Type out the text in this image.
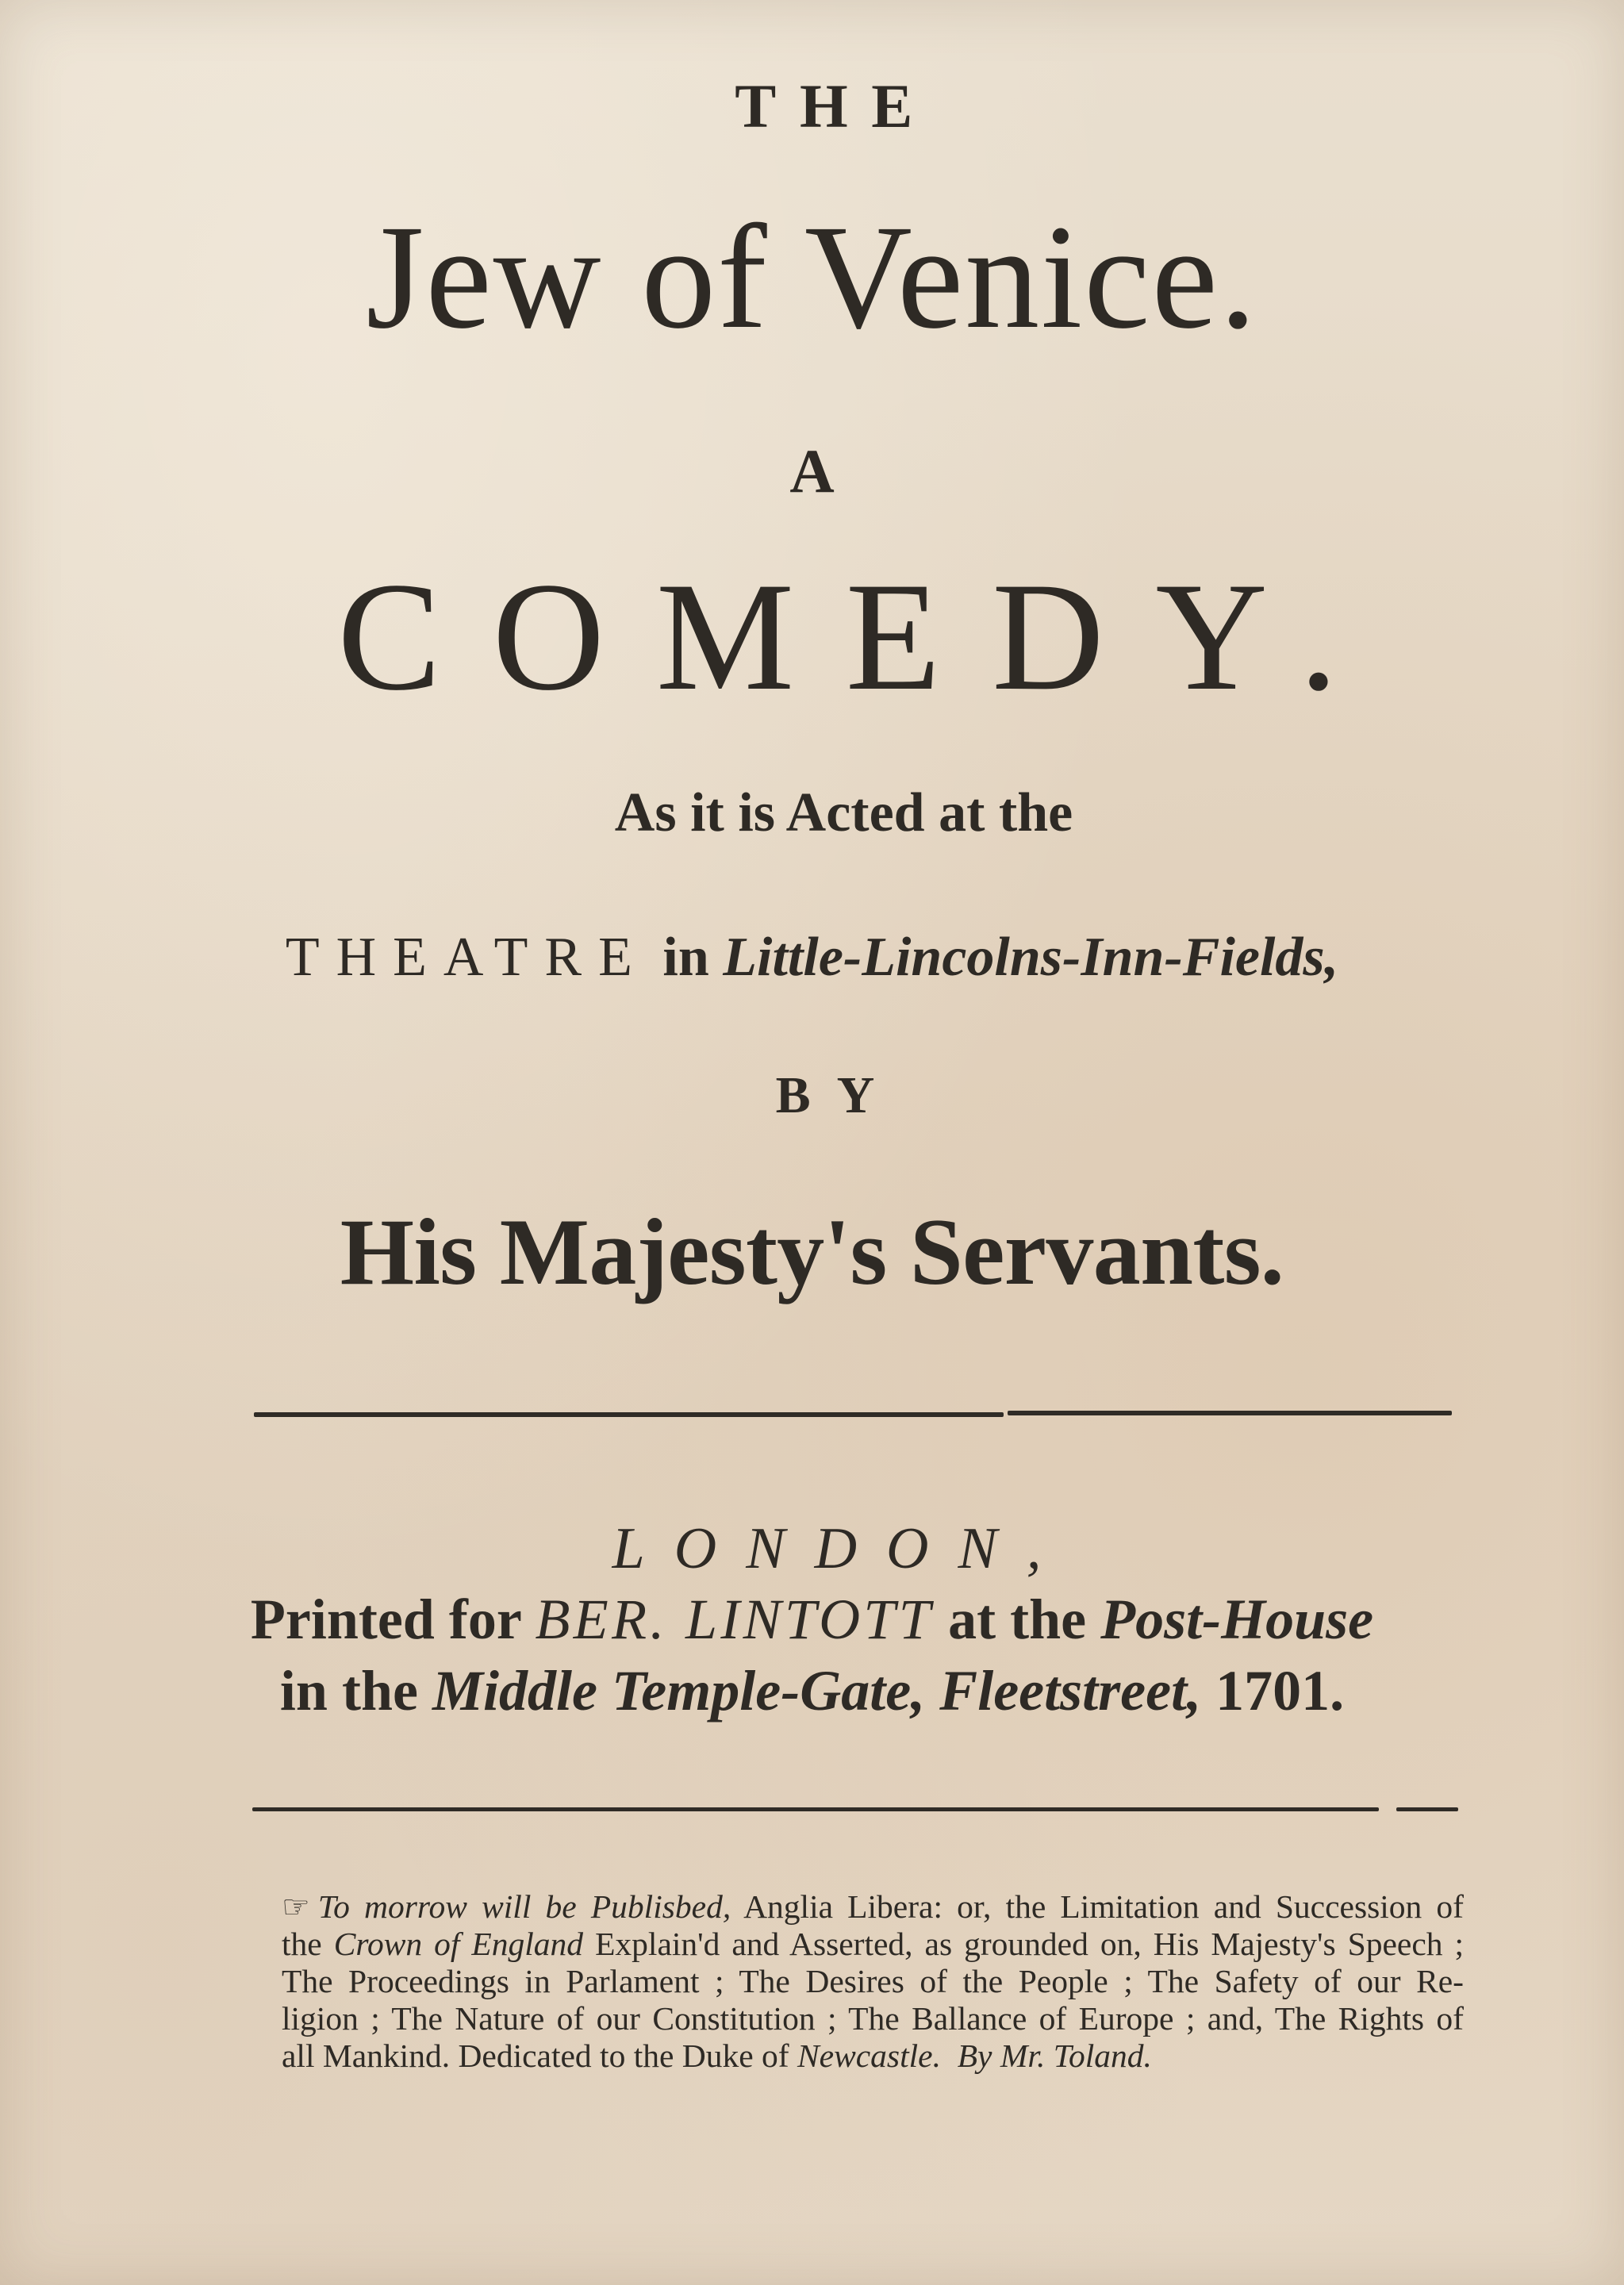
THE
Jew of Venice.
A
COMEDY.
As it is Acted at the
THEATRE in Little-Lincolns-Inn-Fields,
BY
His Majesty's Servants.
LONDON,
Printed for BER. LINTOTT at the Post-House
in the Middle Temple-Gate, Fleetstreet, 1701.
☞ To morrow will be Publisbed, Anglia Libera: or, the Limitation and Succession of
the Crown of England Explain'd and Asserted, as grounded on, His Majesty's Speech ;
The Proceedings in Parlament ; The Desires of the People ; The Safety of our Re-
ligion ; The Nature of our Constitution ; The Ballance of Europe ; and, The Rights of
all Mankind. Dedicated to the Duke of Newcastle. By Mr. Toland.
